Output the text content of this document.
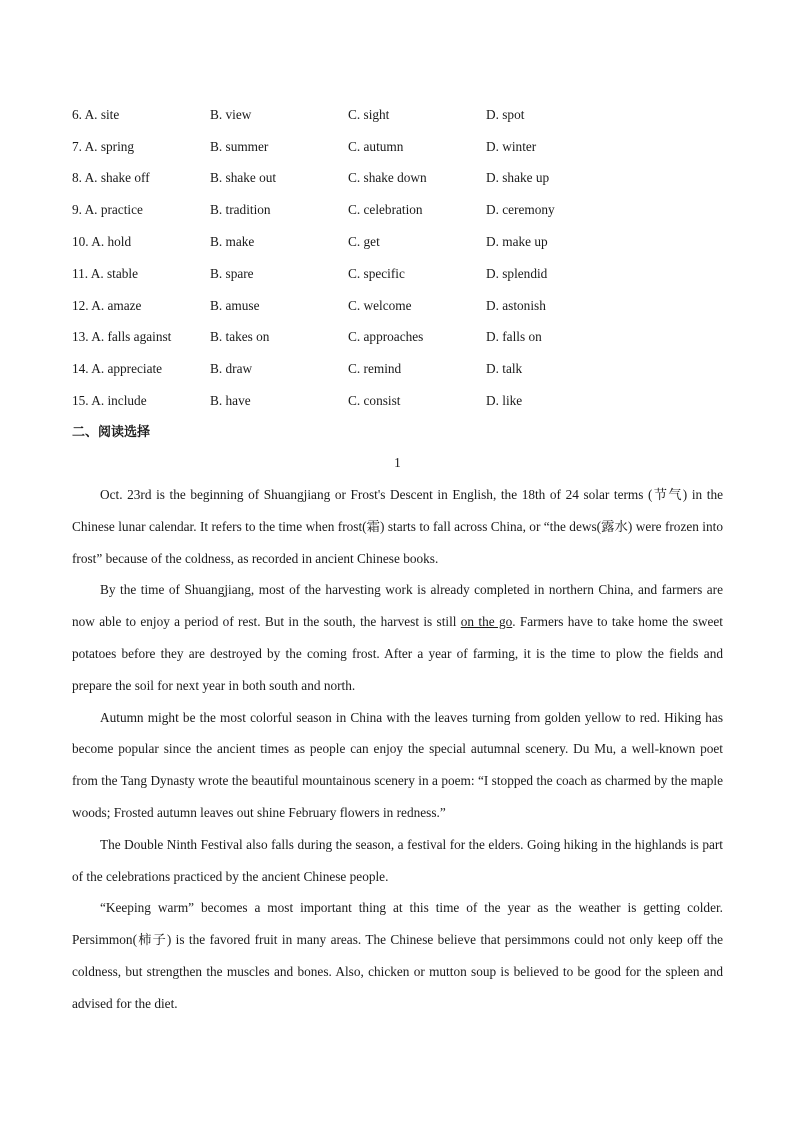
6. A. site	B. view	C. sight	D. spot
7. A. spring	B. summer	C. autumn	D. winter
8. A. shake off	B. shake out	C. shake down	D. shake up
9. A. practice	B. tradition	C. celebration	D. ceremony
10. A. hold	B. make	C. get	D. make up
11. A. stable	B. spare	C. specific	D. splendid
12. A. amaze	B. amuse	C. welcome	D. astonish
13. A. falls against	B. takes on	C. approaches	D. falls on
14. A. appreciate	B. draw	C. remind	D. talk
15. A. include	B. have	C. consist	D. like
二、阅读选择
1

Oct. 23rd is the beginning of Shuangjiang or Frost's Descent in English, the 18th of 24 solar terms (节气) in the Chinese lunar calendar. It refers to the time when frost(霜) starts to fall across China, or “the dews(露水) were frozen into frost” because of the coldness, as recorded in ancient Chinese books.

By the time of Shuangjiang, most of the harvesting work is already completed in northern China, and farmers are now able to enjoy a period of rest. But in the south, the harvest is still on the go. Farmers have to take home the sweet potatoes before they are destroyed by the coming frost. After a year of farming, it is the time to plow the fields and prepare the soil for next year in both south and north.

Autumn might be the most colorful season in China with the leaves turning from golden yellow to red. Hiking has become popular since the ancient times as people can enjoy the special autumnal scenery. Du Mu, a well-known poet from the Tang Dynasty wrote the beautiful mountainous scenery in a poem: “I stopped the coach as charmed by the maple woods; Frosted autumn leaves out shine February flowers in redness.”

The Double Ninth Festival also falls during the season, a festival for the elders. Going hiking in the highlands is part of the celebrations practiced by the ancient Chinese people.

“Keeping warm” becomes a most important thing at this time of the year as the weather is getting colder. Persimmon(柿子) is the favored fruit in many areas. The Chinese believe that persimmons could not only keep off the coldness, but strengthen the muscles and bones. Also, chicken or mutton soup is believed to be good for the spleen and advised for the diet.
